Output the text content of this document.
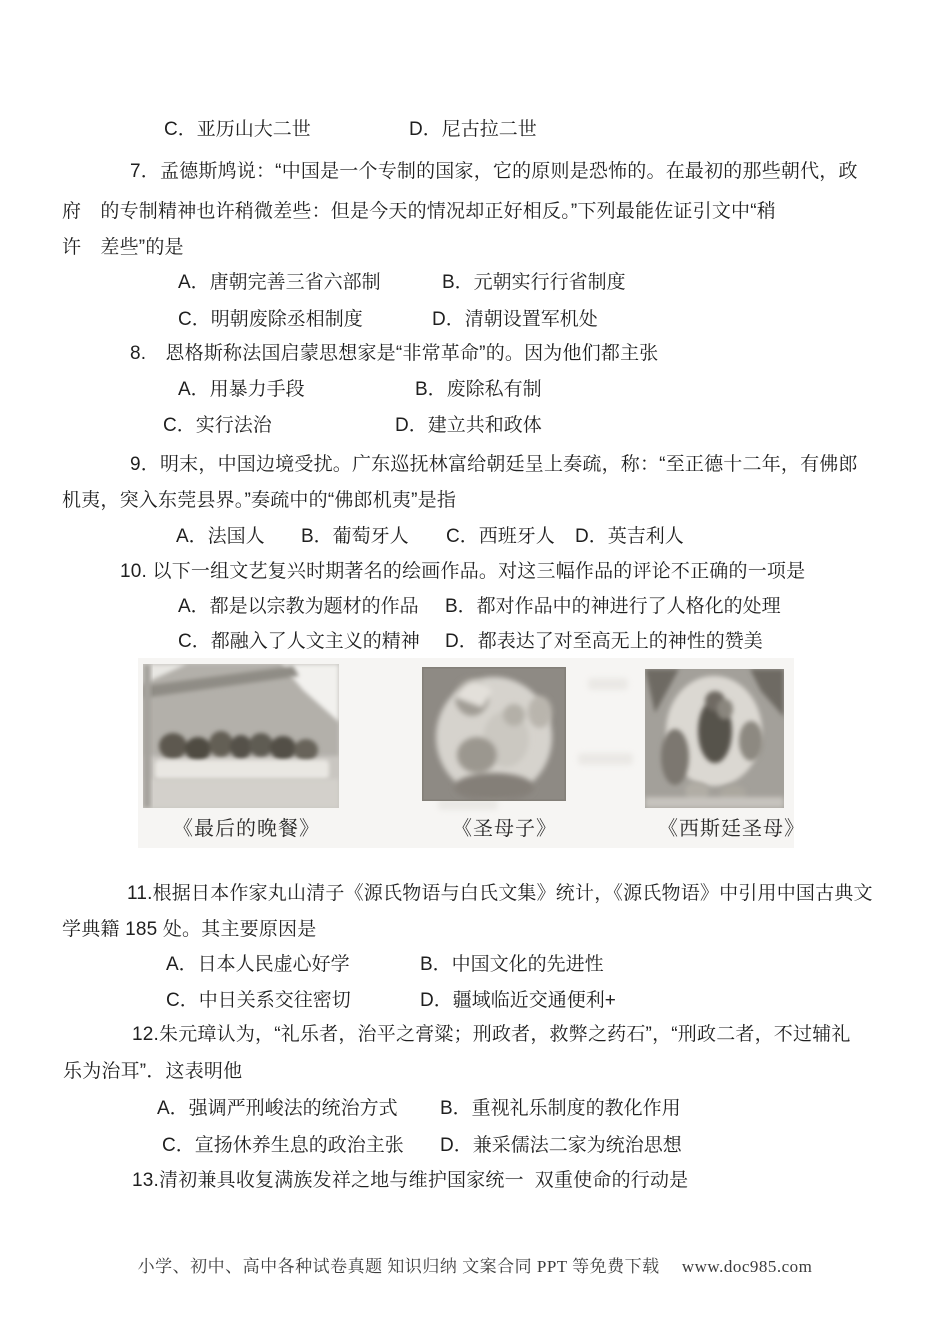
C．亚历山大二世	D．尼古拉二世
7．孟德斯鸠说：“中国是一个专制的国家，它的原则是恐怖的。在最初的那些朝代，政
府　的专制精神也许稍微差些：但是今天的情况却正好相反。”下列最能佐证引文中“稍
许　差些”的是
A．唐朝完善三省六部制	B．元朝实行行省制度
C．明朝废除丞相制度	D．清朝设置军机处
8.　恩格斯称法国启蒙思想家是“非常革命”的。因为他们都主张
A．用暴力手段	B．废除私有制
C．实行法治	D．建立共和政体
9．明末，中国边境受扰。广东巡抚林富给朝廷呈上奏疏，称：“至正德十二年，有佛郎
机夷，突入东莞县界。”奏疏中的“佛郎机夷”是指
A．法国人 B．葡萄牙人 C．西班牙人 D．英吉利人
10. 以下一组文艺复兴时期著名的绘画作品。对这三幅作品的评论不正确的一项是
A．都是以宗教为题材的作品 B．都对作品中的神进行了人格化的处理
C．都融入了人文主义的精神 D．都表达了对至高无上的神性的赞美
《最后的晚餐》	《圣母子》	《西斯廷圣母》
11.根据日本作家丸山清子《源氏物语与白氏文集》统计，《源氏物语》中引用中国古典文
学典籍 185 处。其主要原因是
A．日本人民虚心好学	B．中国文化的先进性
C．中日关系交往密切	D．疆域临近交通便利+
12.朱元璋认为，“礼乐者，治平之膏粱；刑政者，救弊之药石”，“刑政二者，不过辅礼
乐为治耳”．这表明他
A．强调严刑峻法的统治方式 B．重视礼乐制度的教化作用
C．宣扬休养生息的政治主张 D．兼采儒法二家为统治思想
13.清初兼具收复满族发祥之地与维护国家统一  双重使命的行动是
小学、初中、高中各种试卷真题 知识归纳 文案合同 PPT 等免费下载　 www.doc985.com
